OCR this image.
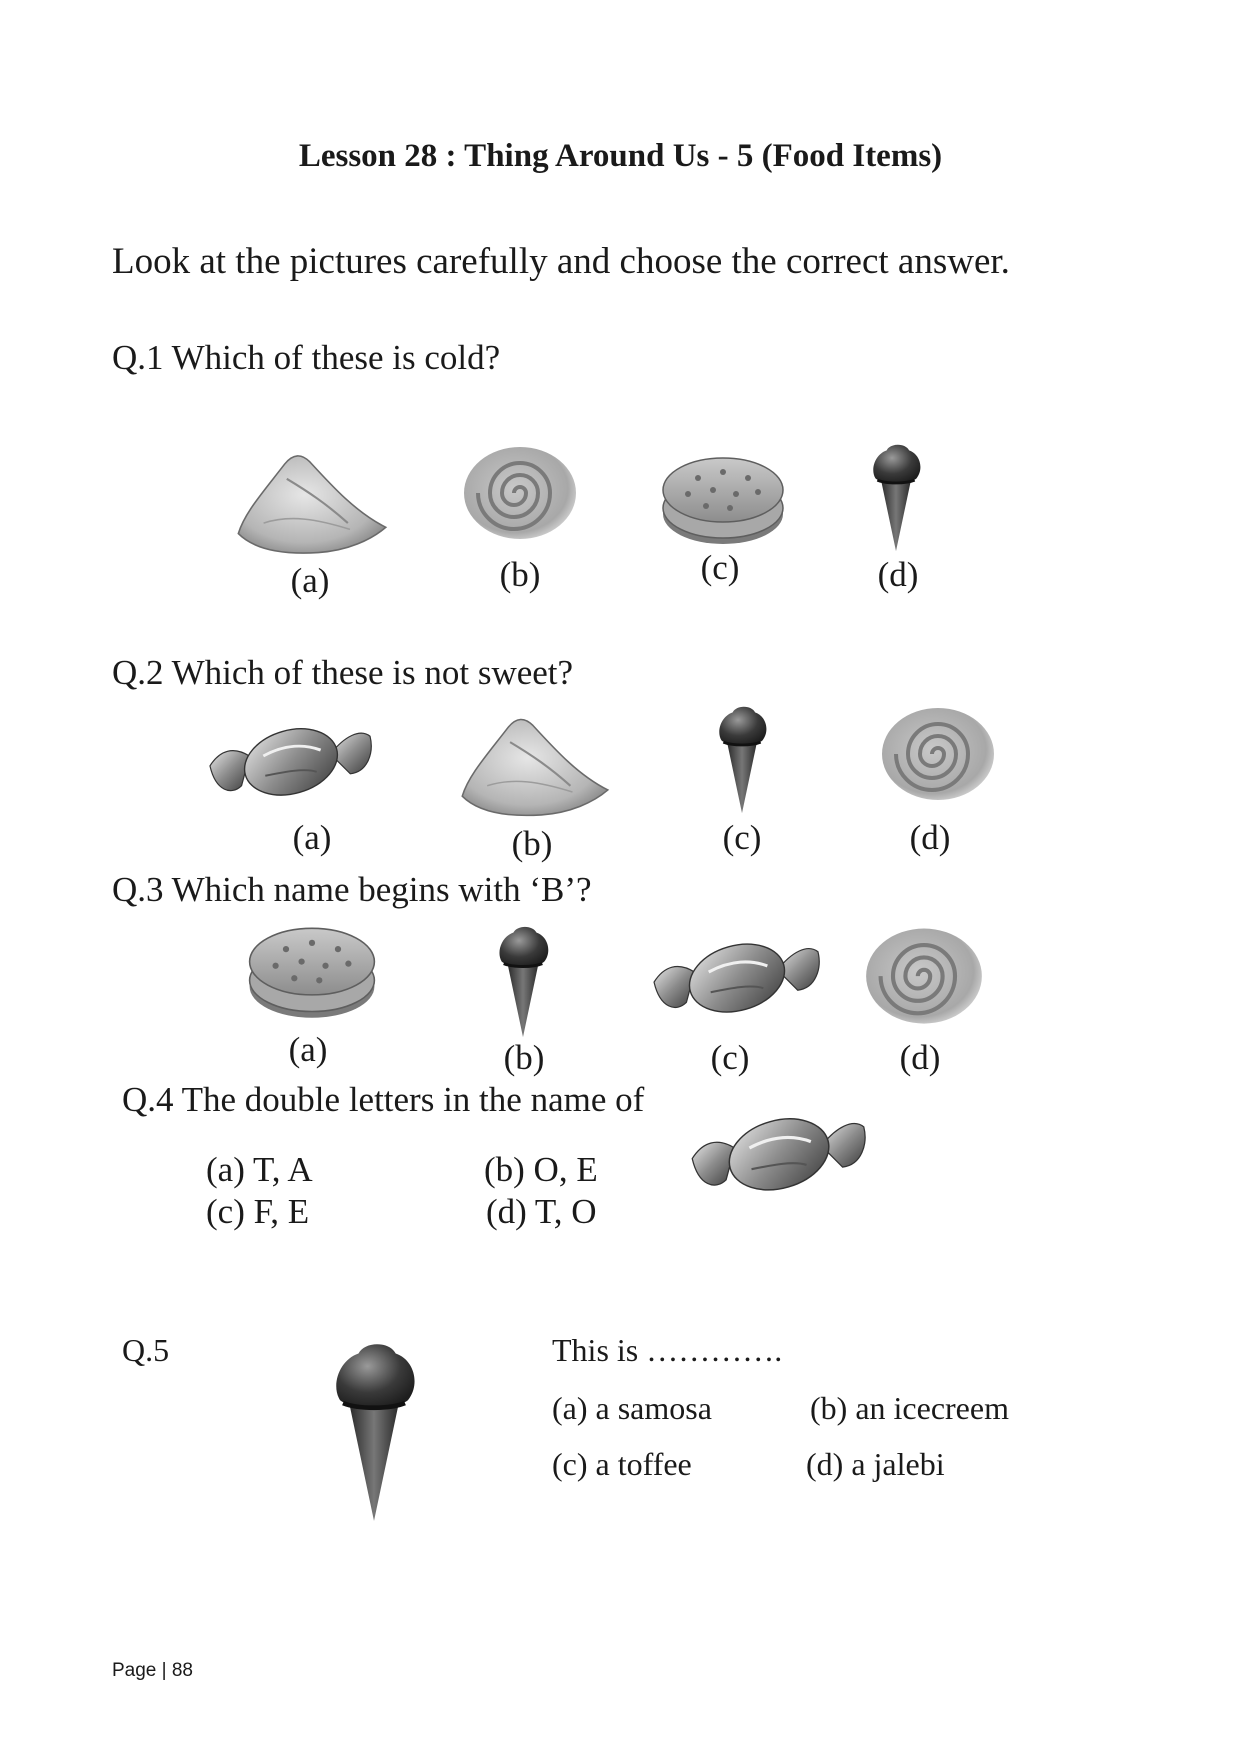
Lesson 28 : Thing Around Us - 5 (Food Items)
Look at the pictures carefully and choose the correct answer.
Q.1 Which of these is cold?
(a)	(b)	(c)	(d)
Q.2 Which of these is not sweet?
(a)	(b)	(c)	(d)
Q.3 Which name begins with ‘B’?
(a)	(b)	(c)	(d)
Q.4 The double letters in the name of
(a) T, A	(b) O, E
(c) F, E	(d) T, O
Q.5	This is ………….
(a) a samosa	(b) an icecreem
(c) a toffee	(d) a jalebi
Page | 88
